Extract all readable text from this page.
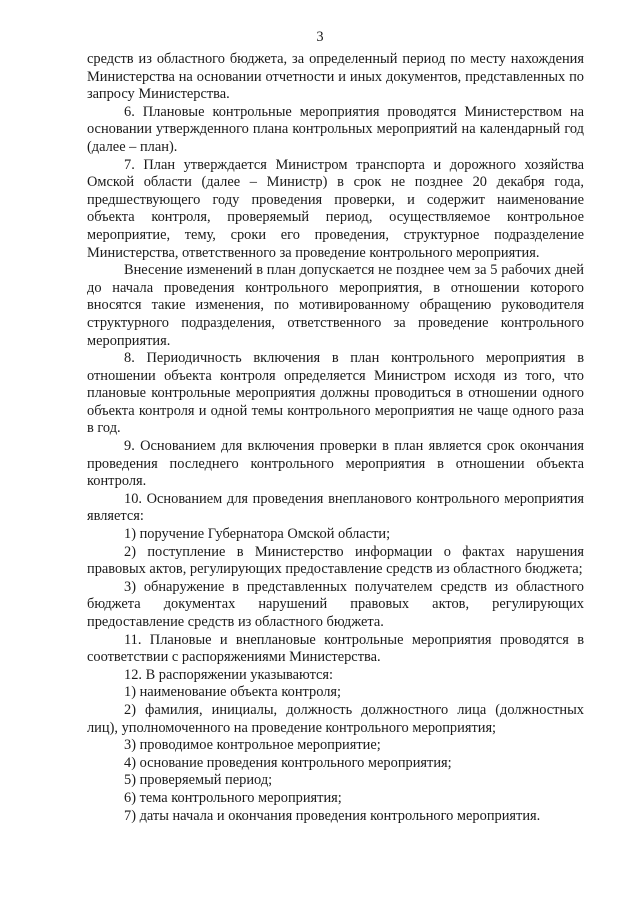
3

средств из областного бюджета, за определенный период по месту нахождения Министерства на основании отчетности и иных документов, представленных по запросу Министерства.

6. Плановые контрольные мероприятия проводятся Министерством на основании утвержденного плана контрольных мероприятий на календарный год (далее – план).

7. План утверждается Министром транспорта и дорожного хозяйства Омской области (далее – Министр) в срок не позднее 20 декабря года, предшествующего году проведения проверки, и содержит наименование объекта контроля, проверяемый период, осуществляемое контрольное мероприятие, тему, сроки его проведения, структурное подразделение Министерства, ответственного за проведение контрольного мероприятия.

Внесение изменений в план допускается не позднее чем за 5 рабочих дней до начала проведения контрольного мероприятия, в отношении которого вносятся такие изменения, по мотивированному обращению руководителя структурного подразделения, ответственного за проведение контрольного мероприятия.

8. Периодичность включения в план контрольного мероприятия в отношении объекта контроля определяется Министром исходя из того, что плановые контрольные мероприятия должны проводиться в отношении одного объекта контроля и одной темы контрольного мероприятия не чаще одного раза в год.

9. Основанием для включения проверки в план является срок окончания проведения последнего контрольного мероприятия в отношении объекта контроля.

10. Основанием для проведения внепланового контрольного мероприятия является:

1) поручение Губернатора Омской области;

2) поступление в Министерство информации о фактах нарушения правовых актов, регулирующих предоставление средств из областного бюджета;

3) обнаружение в представленных получателем средств из областного бюджета документах нарушений правовых актов, регулирующих предоставление средств из областного бюджета.

11. Плановые и внеплановые контрольные мероприятия проводятся в соответствии с распоряжениями Министерства.

12. В распоряжении указываются:

1) наименование объекта контроля;

2) фамилия, инициалы, должность должностного лица (должностных лиц), уполномоченного на проведение контрольного мероприятия;

3) проводимое контрольное мероприятие;

4) основание проведения контрольного мероприятия;

5) проверяемый период;

6) тема контрольного мероприятия;

7) даты начала и окончания проведения контрольного мероприятия.
